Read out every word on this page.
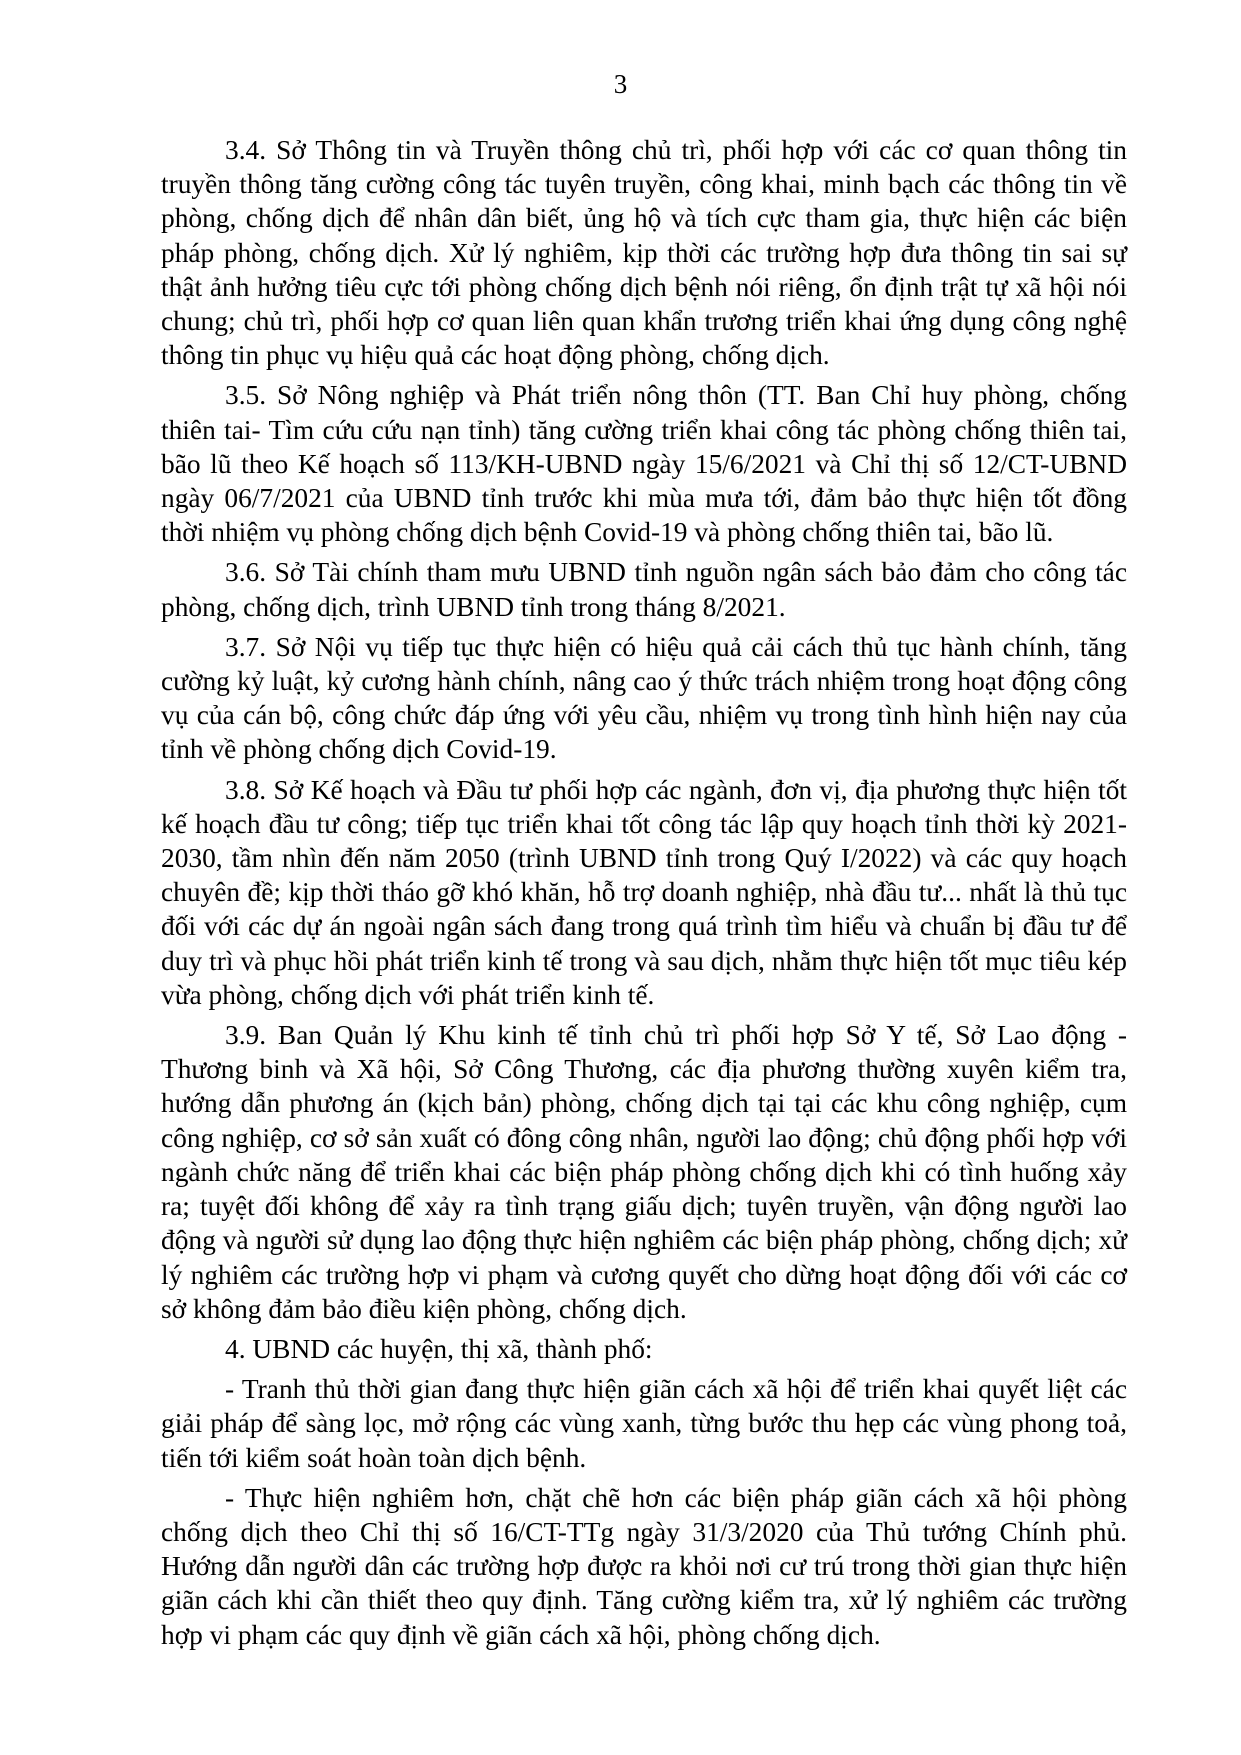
3

3.4. Sở Thông tin và Truyền thông chủ trì, phối hợp với các cơ quan thông tin truyền thông tăng cường công tác tuyên truyền, công khai, minh bạch các thông tin về phòng, chống dịch để nhân dân biết, ủng hộ và tích cực tham gia, thực hiện các biện pháp phòng, chống dịch. Xử lý nghiêm, kịp thời các trường hợp đưa thông tin sai sự thật ảnh hưởng tiêu cực tới phòng chống dịch bệnh nói riêng, ổn định trật tự xã hội nói chung; chủ trì, phối hợp cơ quan liên quan khẩn trương triển khai ứng dụng công nghệ thông tin phục vụ hiệu quả các hoạt động phòng, chống dịch.

3.5. Sở Nông nghiệp và Phát triển nông thôn (TT. Ban Chỉ huy phòng, chống thiên tai- Tìm cứu cứu nạn tỉnh) tăng cường triển khai công tác phòng chống thiên tai, bão lũ theo Kế hoạch số 113/KH-UBND ngày 15/6/2021 và Chỉ thị số 12/CT-UBND ngày 06/7/2021 của UBND tỉnh trước khi mùa mưa tới, đảm bảo thực hiện tốt đồng thời nhiệm vụ phòng chống dịch bệnh Covid-19 và phòng chống thiên tai, bão lũ.

3.6. Sở Tài chính tham mưu UBND tỉnh nguồn ngân sách bảo đảm cho công tác phòng, chống dịch, trình UBND tỉnh trong tháng 8/2021.

3.7. Sở Nội vụ tiếp tục thực hiện có hiệu quả cải cách thủ tục hành chính, tăng cường kỷ luật, kỷ cương hành chính, nâng cao ý thức trách nhiệm trong hoạt động công vụ của cán bộ, công chức đáp ứng với yêu cầu, nhiệm vụ trong tình hình hiện nay của tỉnh về phòng chống dịch Covid-19.

3.8. Sở Kế hoạch và Đầu tư phối hợp các ngành, đơn vị, địa phương thực hiện tốt kế hoạch đầu tư công; tiếp tục triển khai tốt công tác lập quy hoạch tỉnh thời kỳ 2021-2030, tầm nhìn đến năm 2050 (trình UBND tỉnh trong Quý I/2022) và các quy hoạch chuyên đề; kịp thời tháo gỡ khó khăn, hỗ trợ doanh nghiệp, nhà đầu tư... nhất là thủ tục đối với các dự án ngoài ngân sách đang trong quá trình tìm hiểu và chuẩn bị đầu tư để duy trì và phục hồi phát triển kinh tế trong và sau dịch, nhằm thực hiện tốt mục tiêu kép vừa phòng, chống dịch với phát triển kinh tế.

3.9. Ban Quản lý Khu kinh tế tỉnh chủ trì phối hợp Sở Y tế, Sở Lao động - Thương binh và Xã hội, Sở Công Thương, các địa phương thường xuyên kiểm tra, hướng dẫn phương án (kịch bản) phòng, chống dịch tại tại các khu công nghiệp, cụm công nghiệp, cơ sở sản xuất có đông công nhân, người lao động; chủ động phối hợp với ngành chức năng để triển khai các biện pháp phòng chống dịch khi có tình huống xảy ra; tuyệt đối không để xảy ra tình trạng giấu dịch; tuyên truyền, vận động người lao động và người sử dụng lao động thực hiện nghiêm các biện pháp phòng, chống dịch; xử lý nghiêm các trường hợp vi phạm và cương quyết cho dừng hoạt động đối với các cơ sở không đảm bảo điều kiện phòng, chống dịch.

4. UBND các huyện, thị xã, thành phố:

- Tranh thủ thời gian đang thực hiện giãn cách xã hội để triển khai quyết liệt các giải pháp để sàng lọc, mở rộng các vùng xanh, từng bước thu hẹp các vùng phong toả, tiến tới kiểm soát hoàn toàn dịch bệnh.

- Thực hiện nghiêm hơn, chặt chẽ hơn các biện pháp giãn cách xã hội phòng chống dịch theo Chỉ thị số 16/CT-TTg ngày 31/3/2020 của Thủ tướng Chính phủ. Hướng dẫn người dân các trường hợp được ra khỏi nơi cư trú trong thời gian thực hiện giãn cách khi cần thiết theo quy định. Tăng cường kiểm tra, xử lý nghiêm các trường hợp vi phạm các quy định về giãn cách xã hội, phòng chống dịch.
